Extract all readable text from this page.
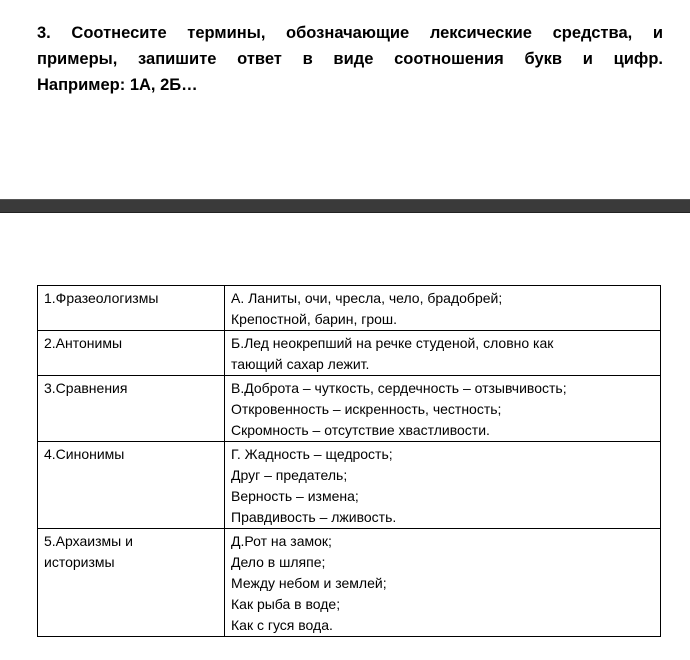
3. Соотнесите термины, обозначающие лексические средства, и
примеры, запишите ответ в виде соотношения букв и цифр.
Например: 1А, 2Б…
1.Фразеологизмы	А. Ланиты, очи, чресла, чело, брадобрей;
Крепостной, барин, грош.

2.Антонимы	Б.Лед неокрепший на речке студеной, словно как
тающий сахар лежит.

3.Сравнения	В.Доброта – чуткость, сердечность – отзывчивость;
Откровенность – искренность, честность;
Скромность – отсутствие хвастливости.

4.Синонимы	Г. Жадность – щедрость;
Друг – предатель;
Верность – измена;
Правдивость – лживость.

5.Архаизмы и
историзмы	Д.Рот на замок;
Дело в шляпе;
Между небом и землей;
Как рыба в воде;
Как с гуся вода.
